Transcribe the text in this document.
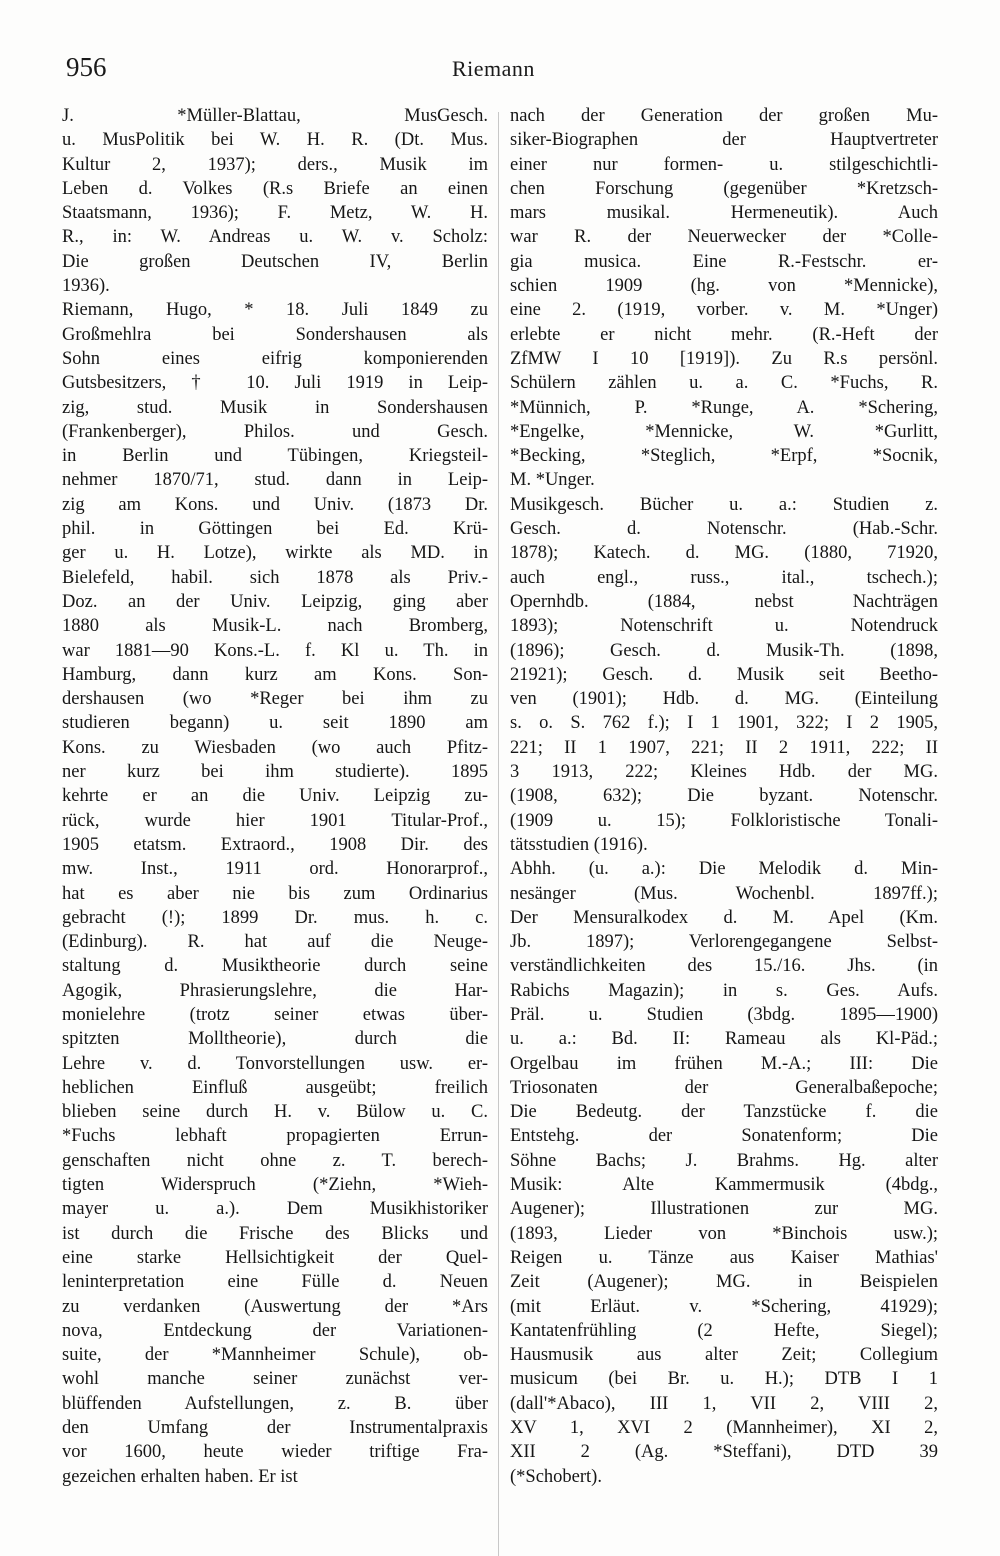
956	Riemann
J. *Müller-Blattau, MusGesch.
u. MusPolitik bei W. H. R. (Dt. Mus.
Kultur 2, 1937); ders., Musik im
Leben d. Volkes (R.s Briefe an einen
Staatsmann, 1936); F. Metz, W. H.
R., in: W. Andreas u. W. v. Scholz:
Die großen Deutschen IV, Berlin
1936).
Riemann, Hugo, * 18. Juli 1849 zu
Großmehlra bei Sondershausen als
Sohn eines eifrig komponierenden
Gutsbesitzers, † 10. Juli 1919 in Leip-
zig, stud. Musik in Sondershausen
(Frankenberger), Philos. und Gesch.
in Berlin und Tübingen, Kriegsteil-
nehmer 1870/71, stud. dann in Leip-
zig am Kons. und Univ. (1873 Dr.
phil. in Göttingen bei Ed. Krü-
ger u. H. Lotze), wirkte als MD. in
Bielefeld, habil. sich 1878 als Priv.-
Doz. an der Univ. Leipzig, ging aber
1880 als Musik-L. nach Bromberg,
war 1881—90 Kons.-L. f. Kl u. Th. in
Hamburg, dann kurz am Kons. Son-
dershausen (wo *Reger bei ihm zu
studieren begann) u. seit 1890 am
Kons. zu Wiesbaden (wo auch Pfitz-
ner kurz bei ihm studierte). 1895
kehrte er an die Univ. Leipzig zu-
rück, wurde hier 1901 Titular-Prof.,
1905 etatsm. Extraord., 1908 Dir. des
mw. Inst., 1911 ord. Honorarprof.,
hat es aber nie bis zum Ordinarius
gebracht (!); 1899 Dr. mus. h. c.
(Edinburg). R. hat auf die Neuge-
staltung d. Musiktheorie durch seine
Agogik, Phrasierungslehre, die Har-
monielehre (trotz seiner etwas über-
spitzten Molltheorie), durch die
Lehre v. d. Tonvorstellungen usw. er-
heblichen Einfluß ausgeübt; freilich
blieben seine durch H. v. Bülow u. C.
*Fuchs lebhaft propagierten Errun-
genschaften nicht ohne z. T. berech-
tigten Widerspruch (*Ziehn, *Wieh-
mayer u. a.). Dem Musikhistoriker
ist durch die Frische des Blicks und
eine starke Hellsichtigkeit der Quel-
leninterpretation eine Fülle d. Neuen
zu verdanken (Auswertung der *Ars
nova, Entdeckung der Variationen-
suite, der *Mannheimer Schule), ob-
wohl manche seiner zunächst ver-
blüffenden Aufstellungen, z. B. über
den Umfang der Instrumentalpraxis
vor 1600, heute wieder triftige Fra-
gezeichen erhalten haben. Er ist
nach der Generation der großen Mu-
siker-Biographen der Hauptvertreter
einer nur formen- u. stilgeschichtli-
chen Forschung (gegenüber *Kretzsch-
mars musikal. Hermeneutik). Auch
war R. der Neuerwecker der *Colle-
gia musica. Eine R.-Festschr. er-
schien 1909 (hg. von *Mennicke),
eine 2. (1919, vorber. v. M. *Unger)
erlebte er nicht mehr. (R.-Heft der
ZfMW I 10 [1919]). Zu R.s persönl.
Schülern zählen u. a. C. *Fuchs, R.
*Münnich, P. *Runge, A. *Schering,
*Engelke, *Mennicke, W. *Gurlitt,
*Becking, *Steglich, *Erpf, *Socnik,
M. *Unger.
Musikgesch. Bücher u. a.: Studien z.
Gesch. d. Notenschr. (Hab.-Schr.
1878); Katech. d. MG. (1880, 71920,
auch engl., russ., ital., tschech.);
Opernhdb. (1884, nebst Nachträgen
1893); Notenschrift u. Notendruck
(1896); Gesch. d. Musik-Th. (1898,
21921); Gesch. d. Musik seit Beetho-
ven (1901); Hdb. d. MG. (Einteilung
s. o. S. 762 f.); I 1 1901, 322; I 2 1905,
221; II 1 1907, 221; II 2 1911, 222; II
3 1913, 222; Kleines Hdb. der MG.
(1908, 632); Die byzant. Notenschr.
(1909 u. 15); Folkloristische Tonali-
tätsstudien (1916).
Abhh. (u. a.): Die Melodik d. Min-
nesänger (Mus. Wochenbl. 1897ff.);
Der Mensuralkodex d. M. Apel (Km.
Jb. 1897); Verlorengegangene Selbst-
verständlichkeiten des 15./16. Jhs. (in
Rabichs Magazin); in s. Ges. Aufs.
Präl. u. Studien (3bdg. 1895—1900)
u. a.: Bd. II: Rameau als Kl-Päd.;
Orgelbau im frühen M.-A.; III: Die
Triosonaten der Generalbaßepoche;
Die Bedeutg. der Tanzstücke f. die
Entstehg. der Sonatenform; Die
Söhne Bachs; J. Brahms. Hg. alter
Musik: Alte Kammermusik (4bdg.,
Augener); Illustrationen zur MG.
(1893, Lieder von *Binchois usw.);
Reigen u. Tänze aus Kaiser Mathias'
Zeit (Augener); MG. in Beispielen
(mit Erläut. v. *Schering, 41929);
Kantatenfrühling (2 Hefte, Siegel);
Hausmusik aus alter Zeit; Collegium
musicum (bei Br. u. H.); DTB I 1
(dall'*Abaco), III 1, VII 2, VIII 2,
XV 1, XVI 2 (Mannheimer), XI 2,
XII 2 (Ag. *Steffani), DTD 39
(*Schobert).
